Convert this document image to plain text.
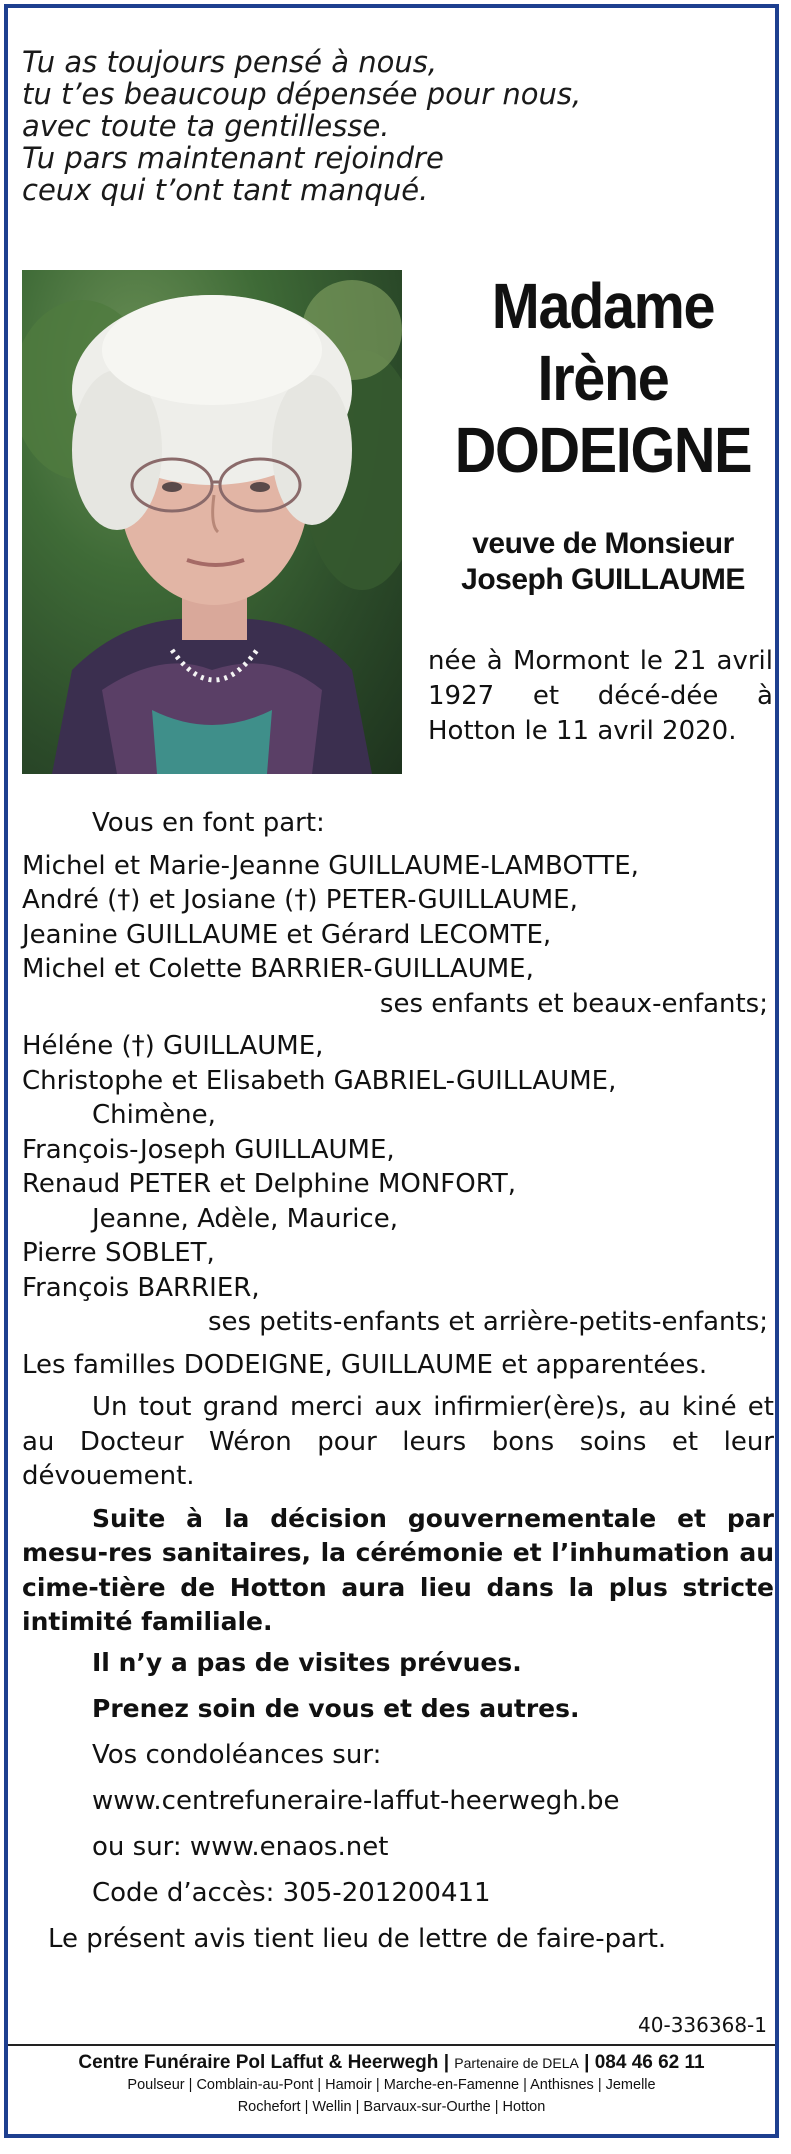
Tu as toujours pensé à nous,
tu t’es beaucoup dépensée pour nous,
avec toute ta gentillesse.
Tu pars maintenant rejoindre
ceux qui t’ont tant manqué.
Madame
Irène
DODEIGNE
veuve de Monsieur
Joseph GUILLAUME
née à Mormont le 21 avril 1927 et décé-dée à Hotton le 11 avril 2020.
Vous en font part:
Michel et Marie-Jeanne GUILLAUME-LAMBOTTE,
André (†) et Josiane (†) PETER-GUILLAUME,
Jeanine GUILLAUME et Gérard LECOMTE,
Michel et Colette BARRIER-GUILLAUME,
ses enfants et beaux-enfants;
Héléne (†) GUILLAUME,
Christophe et Elisabeth GABRIEL-GUILLAUME,
Chimène,
François-Joseph GUILLAUME,
Renaud PETER et Delphine MONFORT,
Jeanne, Adèle, Maurice,
Pierre SOBLET,
François BARRIER,
ses petits-enfants et arrière-petits-enfants;
Les familles DODEIGNE, GUILLAUME et apparentées.
Un tout grand merci aux infirmier(ère)s, au kiné et au Docteur Wéron pour leurs bons soins et leur dévouement.
Suite à la décision gouvernementale et par mesu-res sanitaires, la cérémonie et l’inhumation au cime-tière de Hotton aura lieu dans la plus stricte intimité familiale.
Il n’y a pas de visites prévues.
Prenez soin de vous et des autres.
Vos condoléances sur:
www.centrefuneraire-laffut-heerwegh.be
ou sur: www.enaos.net
Code d’accès: 305-201200411
Le présent avis tient lieu de lettre de faire-part.
40-336368-1
Centre Funéraire Pol Laffut & Heerwegh | Partenaire de DELA | 084 46 62 11
Poulseur | Comblain-au-Pont | Hamoir | Marche-en-Famenne | Anthisnes | Jemelle
Rochefort | Wellin | Barvaux-sur-Ourthe | Hotton
